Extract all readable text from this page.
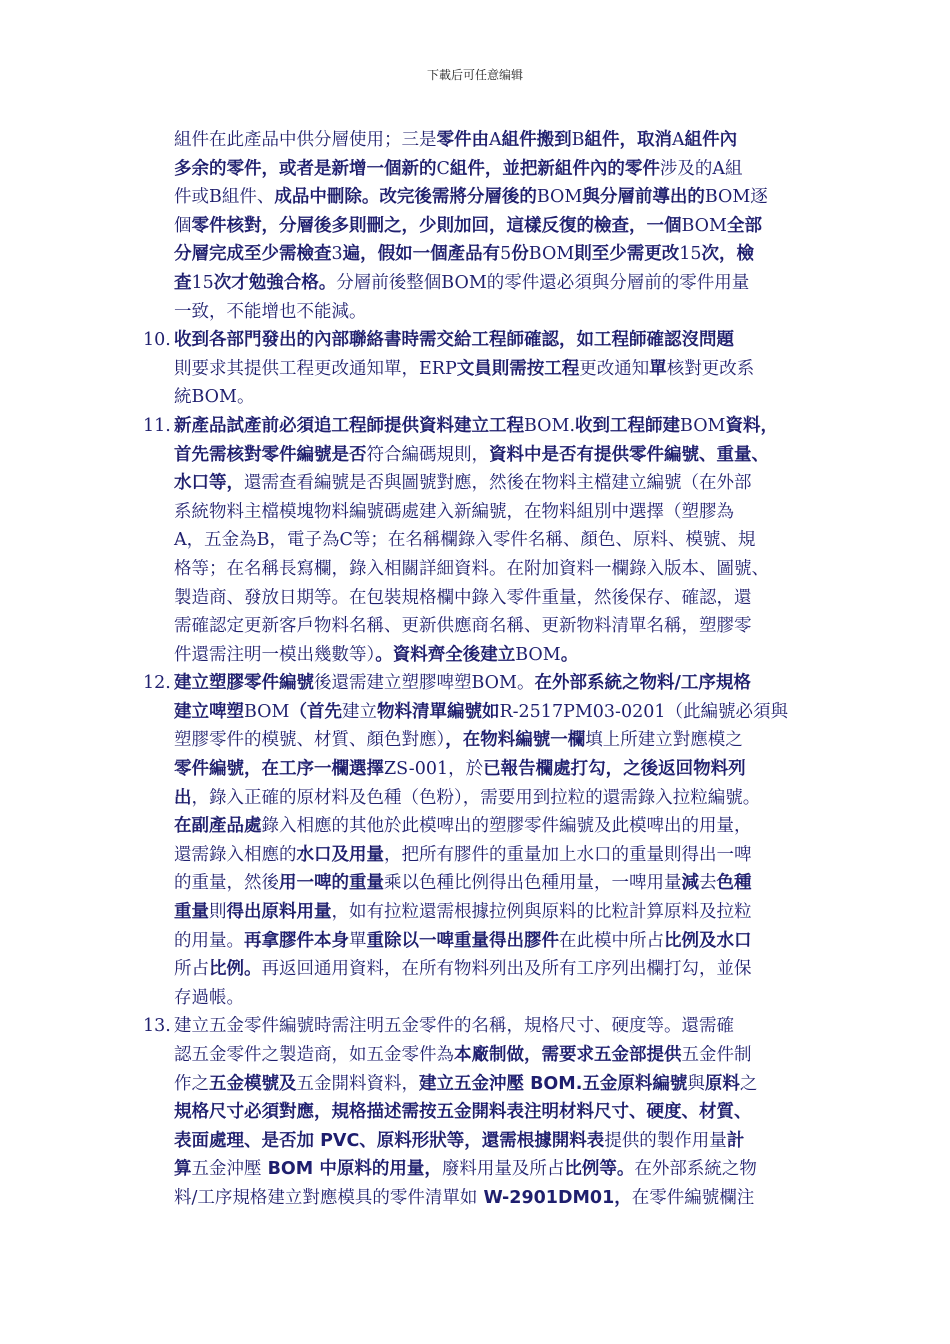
下載后可任意编辑
組件在此產品中供分層使用；三是零件由A組件搬到B組件，取消A組件內
多余的零件，或者是新增一個新的C組件，並把新組件內的零件涉及的A組
件或B組件、成品中刪除。改完後需將分層後的BOM與分層前導出的BOM逐
個零件核對，分層後多則刪之，少則加回，這樣反復的檢查，一個BOM全部
分層完成至少需檢查3遍，假如一個產品有5份BOM則至少需更改15次，檢
查15次才勉強合格。分層前後整個BOM的零件還必須與分層前的零件用量
一致，不能增也不能減。
10. 收到各部門發出的內部聯絡書時需交給工程師確認，如工程師確認沒問題
則要求其提供工程更改通知單，ERP文員則需按工程更改通知單核對更改系
統BOM。
11. 新產品試產前必須追工程師提供資料建立工程BOM.收到工程師建BOM資料，
首先需核對零件編號是否符合編碼規則，資料中是否有提供零件編號、重量、
水口等，還需查看編號是否與圖號對應，然後在物料主檔建立編號（在外部
系統物料主檔模塊物料編號碼處建入新編號，在物料組別中選擇（塑膠為
A，五金為B，電子為C等；在名稱欄錄入零件名稱、顏色、原料、模號、規
格等；在名稱長寫欄，錄入相關詳細資料。在附加資料一欄錄入版本、圖號、
製造商、發放日期等。在包裝規格欄中錄入零件重量，然後保存、確認，還
需確認定更新客戶物料名稱、更新供應商名稱、更新物料清單名稱，塑膠零
件還需注明一模出幾數等）。資料齊全後建立BOM。
12. 建立塑膠零件編號後還需建立塑膠啤塑BOM。在外部系統之物料/工序規格
建立啤塑BOM（首先建立物料清單編號如R-2517PM03-0201（此編號必須與
塑膠零件的模號、材質、顏色對應），在物料編號一欄填上所建立對應模之
零件編號，在工序一欄選擇ZS-001，於已報告欄處打勾，之後返回物料列
出，錄入正確的原材料及色種（色粉），需要用到拉粒的還需錄入拉粒編號。
在副產品處錄入相應的其他於此模啤出的塑膠零件編號及此模啤出的用量，
還需錄入相應的水口及用量，把所有膠件的重量加上水口的重量則得出一啤
的重量，然後用一啤的重量乘以色種比例得出色種用量，一啤用量減去色種
重量則得出原料用量，如有拉粒還需根據拉例與原料的比粒計算原料及拉粒
的用量。再拿膠件本身單重除以一啤重量得出膠件在此模中所占比例及水口
所占比例。再返回通用資料，在所有物料列出及所有工序列出欄打勾，並保
存過帳。
13. 建立五金零件編號時需注明五金零件的名稱，規格尺寸、硬度等。還需確
認五金零件之製造商，如五金零件為本廠制做，需要求五金部提供五金件制
作之五金模號及五金開料資料，建立五金沖壓 BOM.五金原料編號與原料之
規格尺寸必須對應，規格描述需按五金開料表注明材料尺寸、硬度、材質、
表面處理、是否加 PVC、原料形狀等，還需根據開料表提供的製作用量計
算五金沖壓 BOM 中原料的用量，廢料用量及所占比例等。在外部系統之物
料/工序規格建立對應模具的零件清單如 W-2901DM01，在零件編號欄注
